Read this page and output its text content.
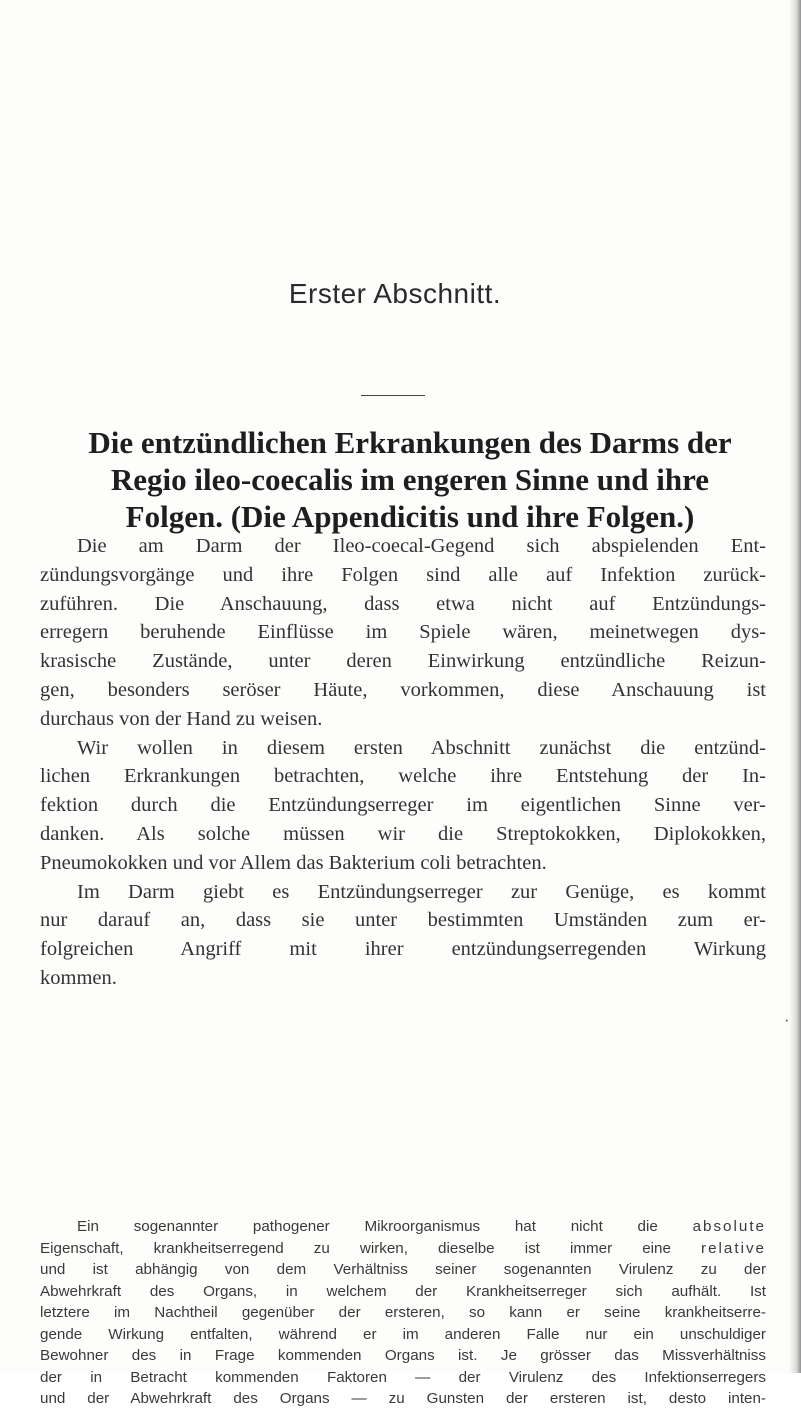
Erster Abschnitt.
Die entzündlichen Erkrankungen des Darms der
Regio ileo-coecalis im engeren Sinne und ihre
Folgen. (Die Appendicitis und ihre Folgen.)
Die am Darm der Ileo-coecal-Gegend sich abspielenden Ent-
zündungsvorgänge und ihre Folgen sind alle auf Infektion zurück-
zuführen. Die Anschauung, dass etwa nicht auf Entzündungs-
erregern beruhende Einflüsse im Spiele wären, meinetwegen dys-
krasische Zustände, unter deren Einwirkung entzündliche Reizun-
gen, besonders seröser Häute, vorkommen, diese Anschauung ist
durchaus von der Hand zu weisen.
Wir wollen in diesem ersten Abschnitt zunächst die entzünd-
lichen Erkrankungen betrachten, welche ihre Entstehung der In-
fektion durch die Entzündungserreger im eigentlichen Sinne ver-
danken. Als solche müssen wir die Streptokokken, Diplokokken,
Pneumokokken und vor Allem das Bakterium coli betrachten.
Im Darm giebt es Entzündungserreger zur Genüge, es kommt
nur darauf an, dass sie unter bestimmten Umständen zum er-
folgreichen Angriff mit ihrer entzündungserregenden Wirkung
kommen.
·
Ein sogenannter pathogener Mikroorganismus hat nicht die absolute
Eigenschaft, krankheitserregend zu wirken, dieselbe ist immer eine relative
und ist abhängig von dem Verhältniss seiner sogenannten Virulenz zu der
Abwehrkraft des Organs, in welchem der Krankheitserreger sich aufhält. Ist
letztere im Nachtheil gegenüber der ersteren, so kann er seine krankheitserre-
gende Wirkung entfalten, während er im anderen Falle nur ein unschuldiger
Bewohner des in Frage kommenden Organs ist. Je grösser das Missverhältniss
der in Betracht kommenden Faktoren — der Virulenz des Infektionserregers
und der Abwehrkraft des Organs — zu Gunsten der ersteren ist, desto inten-
